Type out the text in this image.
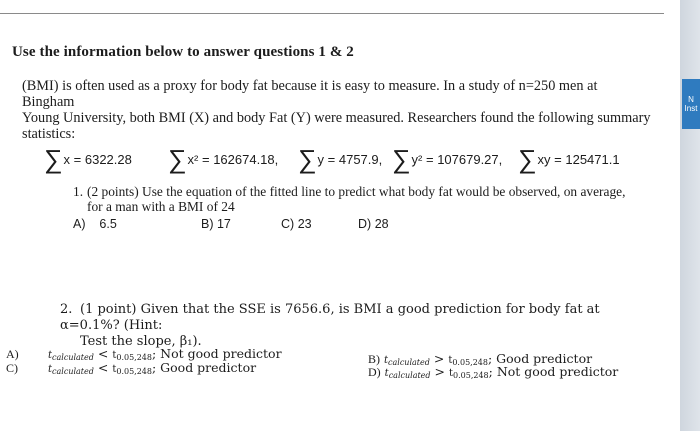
N
Inst
Use the information below to answer questions 1 & 2
(BMI) is often used as a proxy for body fat because it is easy to measure. In a study of n=250 men at Bingham
Young University, both BMI (X) and body Fat (Y) were measured. Researchers found the following summary
statistics:
∑x = 6322.28 ∑x² = 162674.18, ∑y = 4757.9, ∑y² = 107679.27, ∑xy = 125471.1
1. (2 points) Use the equation of the fitted line to predict what body fat would be observed, on average,
for a man with a BMI of 24
A) 6.5	B) 17	C) 23	D) 28
2. (1 point) Given that the SSE is 7656.6, is BMI a good prediction for body fat at α=0.1%? (Hint:
Test the slope, β₁).
A)	$t_{calculated} < t_{0.05,248}$; Not good predictor
C)	$t_{calculated} < t_{0.05,248}$; Good predictor
B) $t_{calculated} > t_{0.05,248}$; Good predictor
D) $t_{calculated} > t_{0.05,248}$; Not good predictor
